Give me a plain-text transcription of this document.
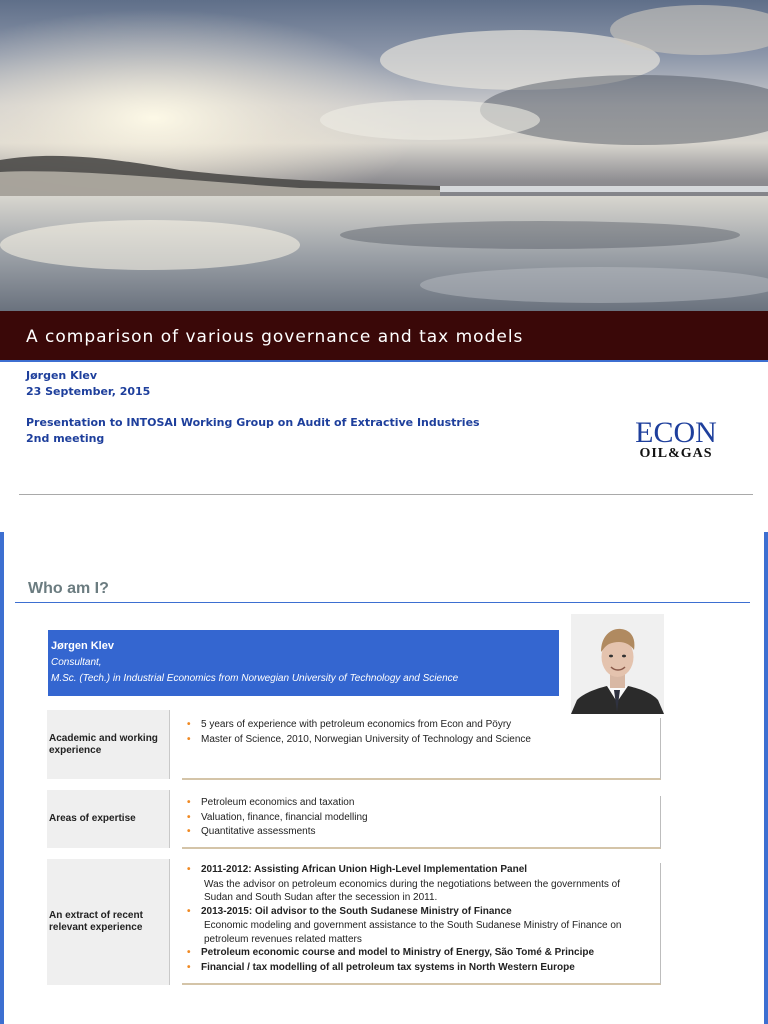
A comparison of various governance and tax models
Jørgen Klev
23 September, 2015
Presentation to INTOSAI Working Group on Audit of Extractive Industries
2nd meeting	ECON
OIL&GAS
Who am I?
Jørgen Klev
Consultant,
M.Sc. (Tech.) in Industrial Economics from Norwegian University of Technology and Science
Academic and working experience
• 5 years of experience with petroleum economics from Econ and Pöyry
• Master of Science, 2010, Norwegian University of Technology and Science
Areas of expertise
• Petroleum economics and taxation
• Valuation, finance, financial modelling
• Quantitative assessments
An extract of recent relevant experience
• 2011-2012: Assisting African Union High-Level Implementation Panel
Was the advisor on petroleum economics during the negotiations between the governments of
Sudan and South Sudan after the secession in 2011.
• 2013-2015: Oil advisor to the South Sudanese Ministry of Finance
Economic modeling and government assistance to the South Sudanese Ministry of Finance on
petroleum revenues related matters
• Petroleum economic course and model to Ministry of Energy, São Tomé & Principe
• Financial / tax modelling of all petroleum tax systems in North Western Europe
